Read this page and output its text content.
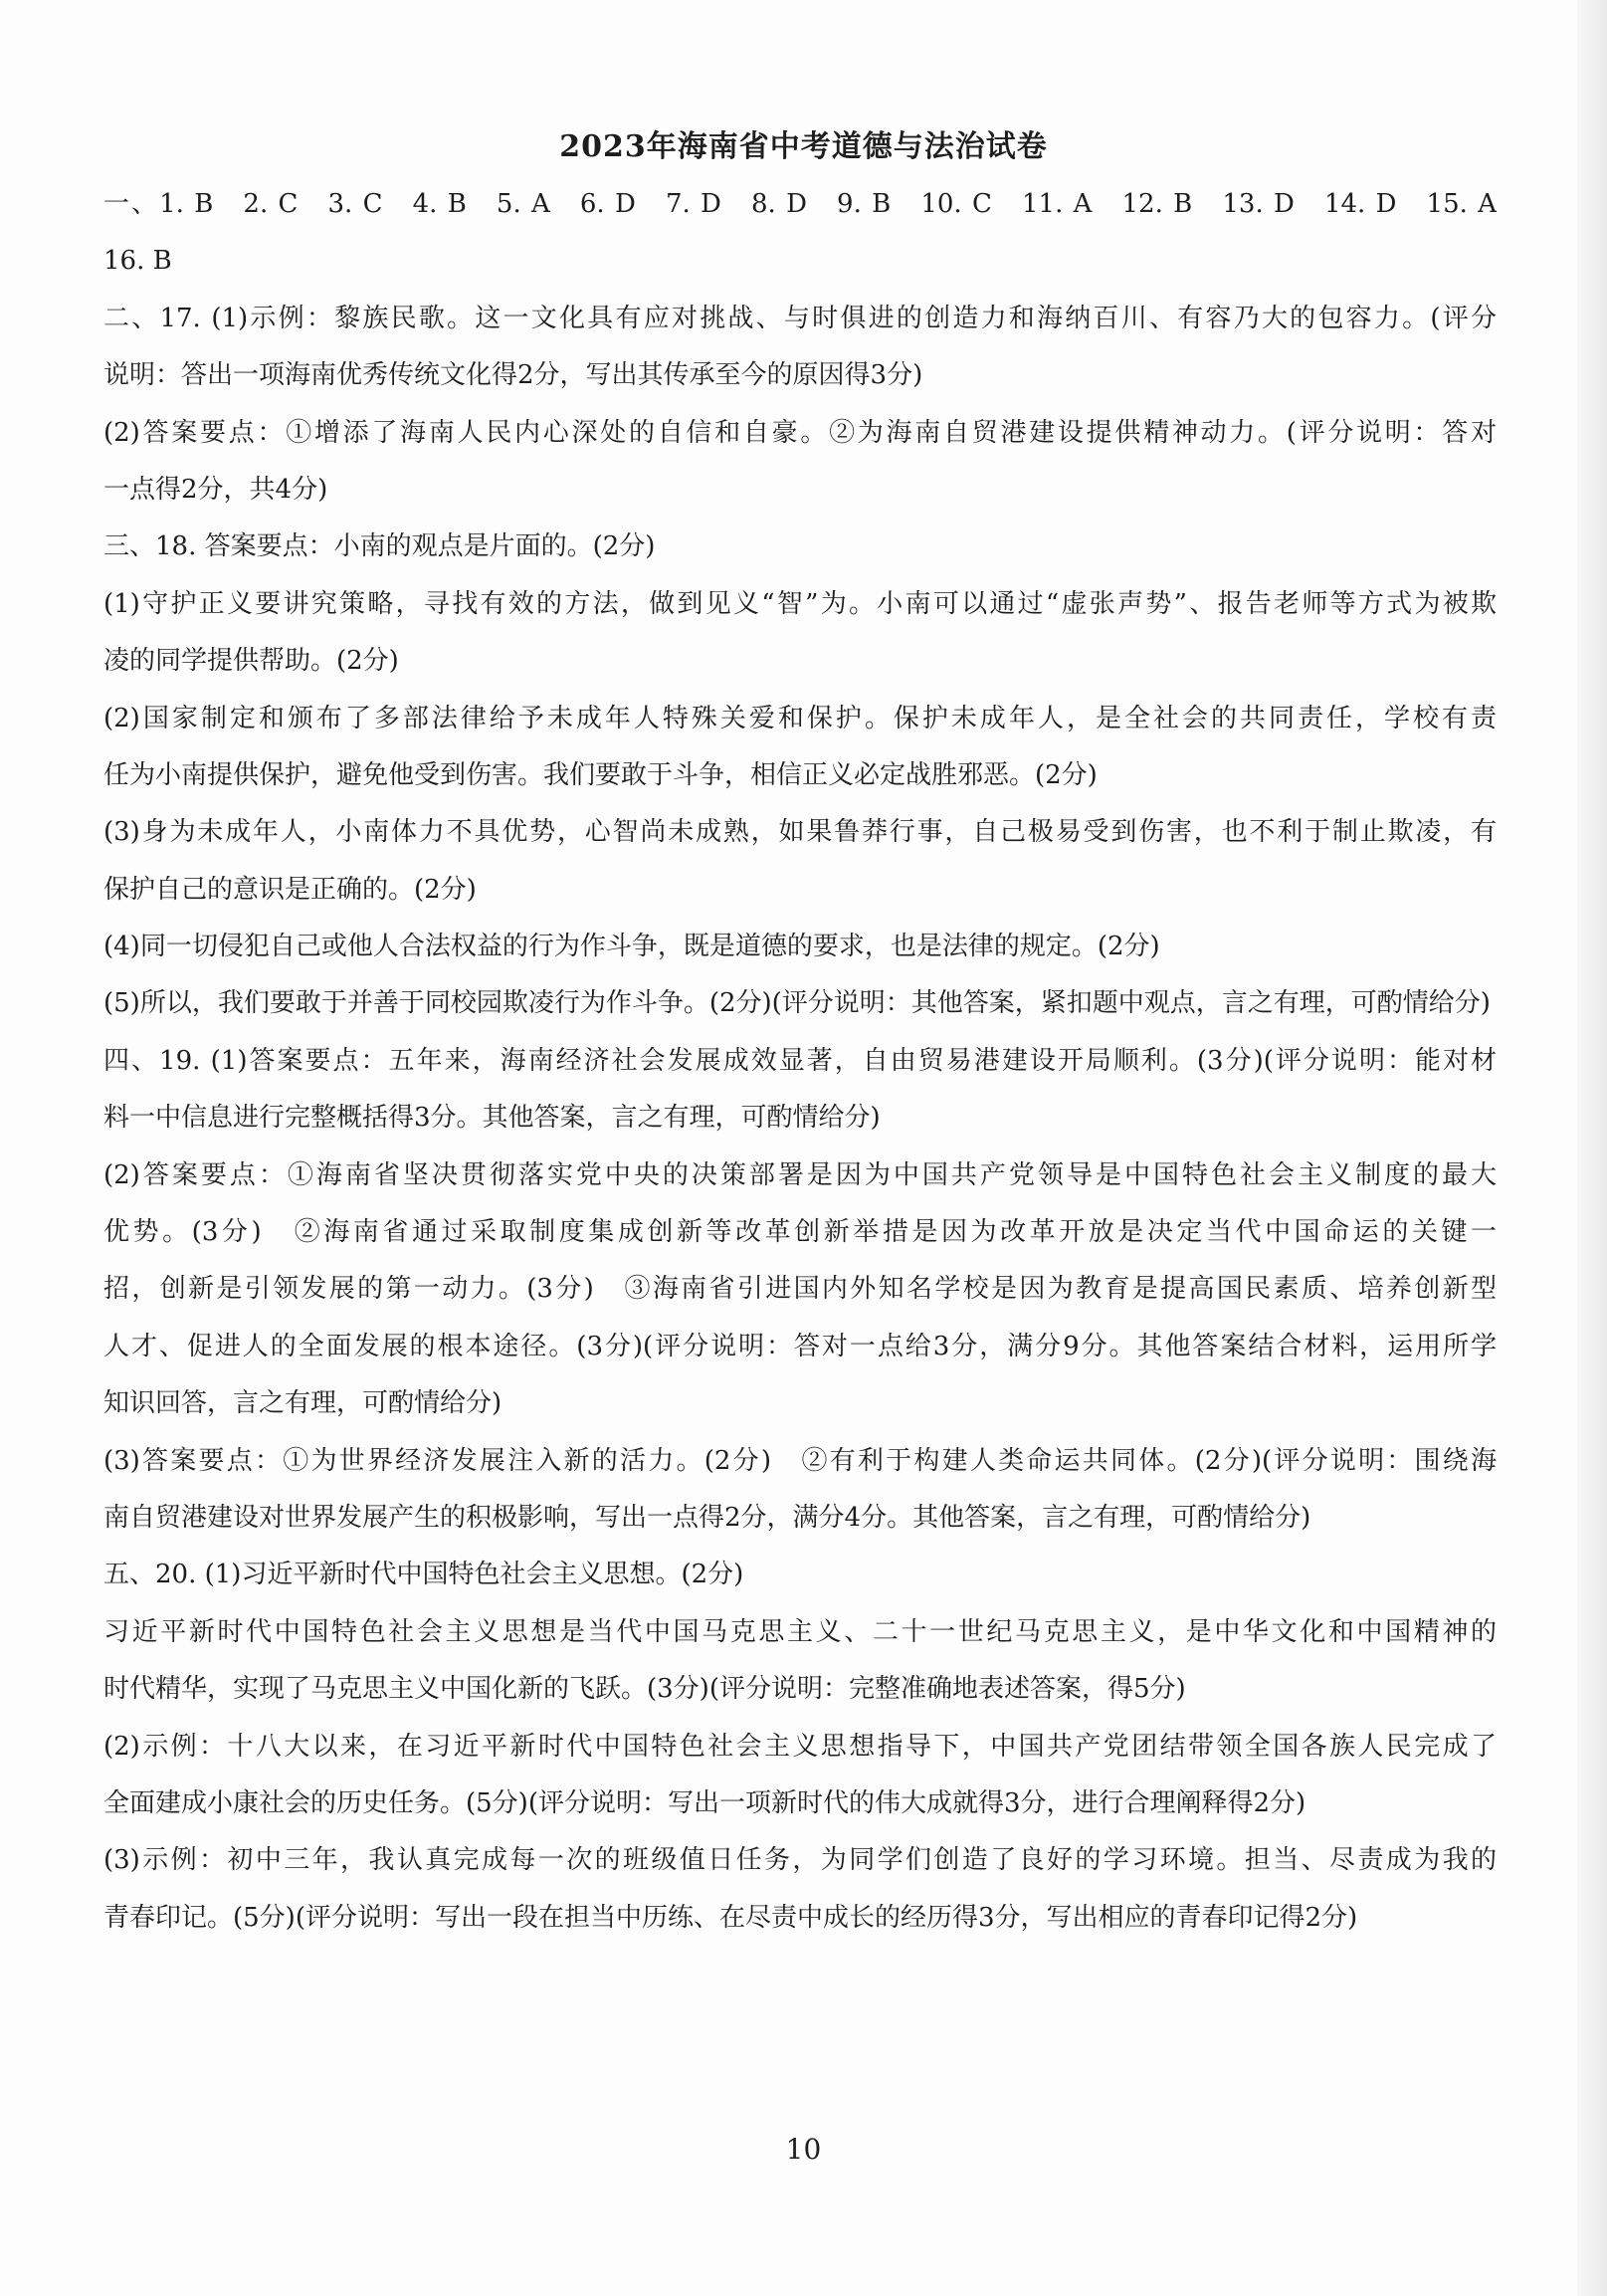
2023年海南省中考道德与法治试卷
一、1. B　2. C　3. C　4. B　5. A　6. D　7. D　8. D　9. B　10. C　11. A　12. B　13. D　14. D　15. A
16. B
二、17. (1)示例：黎族民歌。这一文化具有应对挑战、与时俱进的创造力和海纳百川、有容乃大的包容力。(评分
说明：答出一项海南优秀传统文化得2分，写出其传承至今的原因得3分)
(2)答案要点：①增添了海南人民内心深处的自信和自豪。②为海南自贸港建设提供精神动力。(评分说明：答对
一点得2分，共4分)
三、18. 答案要点：小南的观点是片面的。(2分)
(1)守护正义要讲究策略，寻找有效的方法，做到见义“智”为。小南可以通过“虚张声势”、报告老师等方式为被欺
凌的同学提供帮助。(2分)
(2)国家制定和颁布了多部法律给予未成年人特殊关爱和保护。保护未成年人，是全社会的共同责任，学校有责
任为小南提供保护，避免他受到伤害。我们要敢于斗争，相信正义必定战胜邪恶。(2分)
(3)身为未成年人，小南体力不具优势，心智尚未成熟，如果鲁莽行事，自己极易受到伤害，也不利于制止欺凌，有
保护自己的意识是正确的。(2分)
(4)同一切侵犯自己或他人合法权益的行为作斗争，既是道德的要求，也是法律的规定。(2分)
(5)所以，我们要敢于并善于同校园欺凌行为作斗争。(2分)(评分说明：其他答案，紧扣题中观点，言之有理，可酌情给分)
四、19. (1)答案要点：五年来，海南经济社会发展成效显著，自由贸易港建设开局顺利。(3分)(评分说明：能对材
料一中信息进行完整概括得3分。其他答案，言之有理，可酌情给分)
(2)答案要点：①海南省坚决贯彻落实党中央的决策部署是因为中国共产党领导是中国特色社会主义制度的最大
优势。(3分)　②海南省通过采取制度集成创新等改革创新举措是因为改革开放是决定当代中国命运的关键一
招，创新是引领发展的第一动力。(3分)　③海南省引进国内外知名学校是因为教育是提高国民素质、培养创新型
人才、促进人的全面发展的根本途径。(3分)(评分说明：答对一点给3分，满分9分。其他答案结合材料，运用所学
知识回答，言之有理，可酌情给分)
(3)答案要点：①为世界经济发展注入新的活力。(2分)　②有利于构建人类命运共同体。(2分)(评分说明：围绕海
南自贸港建设对世界发展产生的积极影响，写出一点得2分，满分4分。其他答案，言之有理，可酌情给分)
五、20. (1)习近平新时代中国特色社会主义思想。(2分)
习近平新时代中国特色社会主义思想是当代中国马克思主义、二十一世纪马克思主义，是中华文化和中国精神的
时代精华，实现了马克思主义中国化新的飞跃。(3分)(评分说明：完整准确地表述答案，得5分)
(2)示例：十八大以来，在习近平新时代中国特色社会主义思想指导下，中国共产党团结带领全国各族人民完成了
全面建成小康社会的历史任务。(5分)(评分说明：写出一项新时代的伟大成就得3分，进行合理阐释得2分)
(3)示例：初中三年，我认真完成每一次的班级值日任务，为同学们创造了良好的学习环境。担当、尽责成为我的
青春印记。(5分)(评分说明：写出一段在担当中历练、在尽责中成长的经历得3分，写出相应的青春印记得2分)
10
